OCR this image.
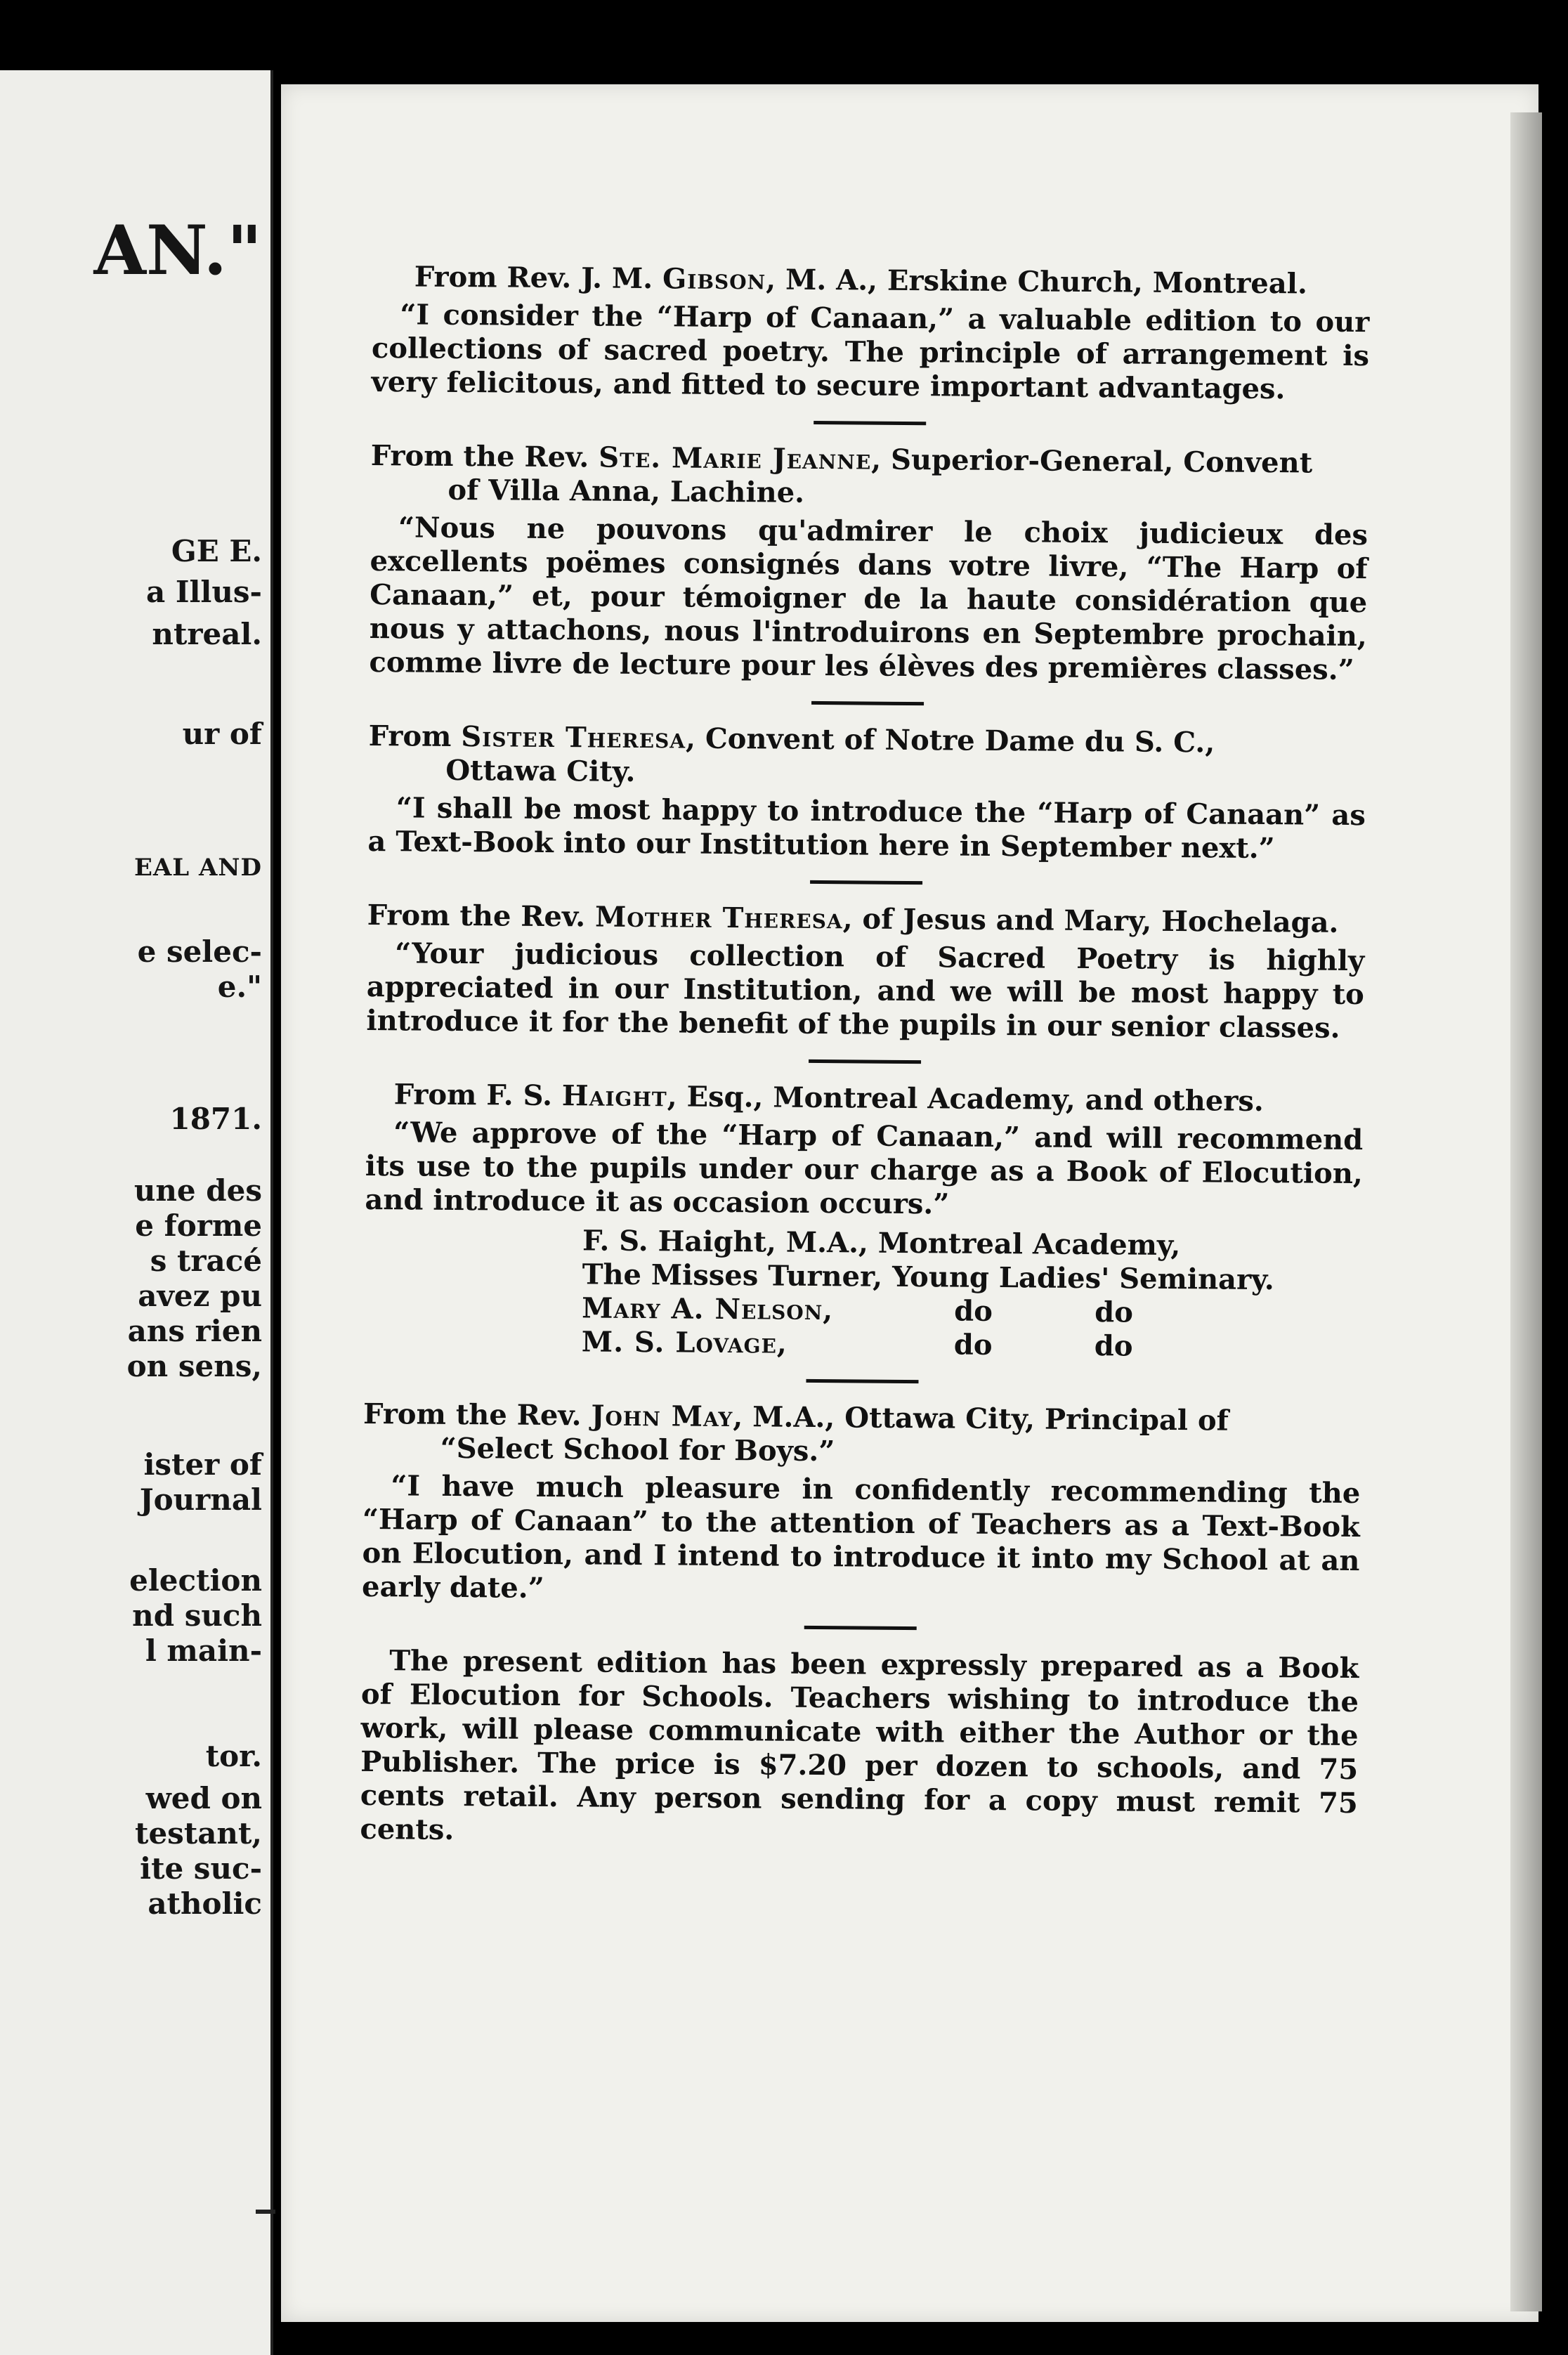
AN."
GE E.
a Illus-
ntreal.
ur of
EAL AND
e selec-
e."
1871.
une des
e forme
s tracé
avez pu
ans rien
on sens,
ister of
Journal
election
nd such
l main-
tor.
wed on
testant,
ite suc-
atholic

From Rev. J. M. Gibson, M. A., Erskine Church, Montreal.

“I consider the “Harp of Canaan,” a valuable edition to our collections of sacred poetry. The principle of arrangement is very felicitous, and fitted to secure important advantages.

From the Rev. Ste. Marie Jeanne, Superior-General, Convent
of Villa Anna, Lachine.

“Nous ne pouvons qu'admirer le choix judicieux des excellents poëmes consignés dans votre livre, “The Harp of Canaan,” et, pour témoigner de la haute considération que nous y attachons, nous l'introduirons en Septembre prochain, comme livre de lecture pour les élèves des premières classes.”

From Sister Theresa, Convent of Notre Dame du S. C.,
Ottawa City.

“I shall be most happy to introduce the “Harp of Canaan” as a Text-Book into our Institution here in September next.”

From the Rev. Mother Theresa, of Jesus and Mary, Hochelaga.

“Your judicious collection of Sacred Poetry is highly appreciated in our Institution, and we will be most happy to introduce it for the benefit of the pupils in our senior classes.

From F. S. Haight, Esq., Montreal Academy, and others.

“We approve of the “Harp of Canaan,” and will recommend its use to the pupils under our charge as a Book of Elocution, and introduce it as occasion occurs.”

F. S. Haight, M.A., Montreal Academy,
The Misses Turner, Young Ladies' Seminary.
Mary A. Nelson,	do	do
M. S. Lovage,	do	do

From the Rev. John May, M.A., Ottawa City, Principal of
“Select School for Boys.”

“I have much pleasure in confidently recommending the “Harp of Canaan” to the attention of Teachers as a Text-Book on Elocution, and I intend to introduce it into my School at an early date.”

The present edition has been expressly prepared as a Book of Elocution for Schools. Teachers wishing to introduce the work, will please communicate with either the Author or the Publisher. The price is $7.20 per dozen to schools, and 75 cents retail. Any person sending for a copy must remit 75 cents.
